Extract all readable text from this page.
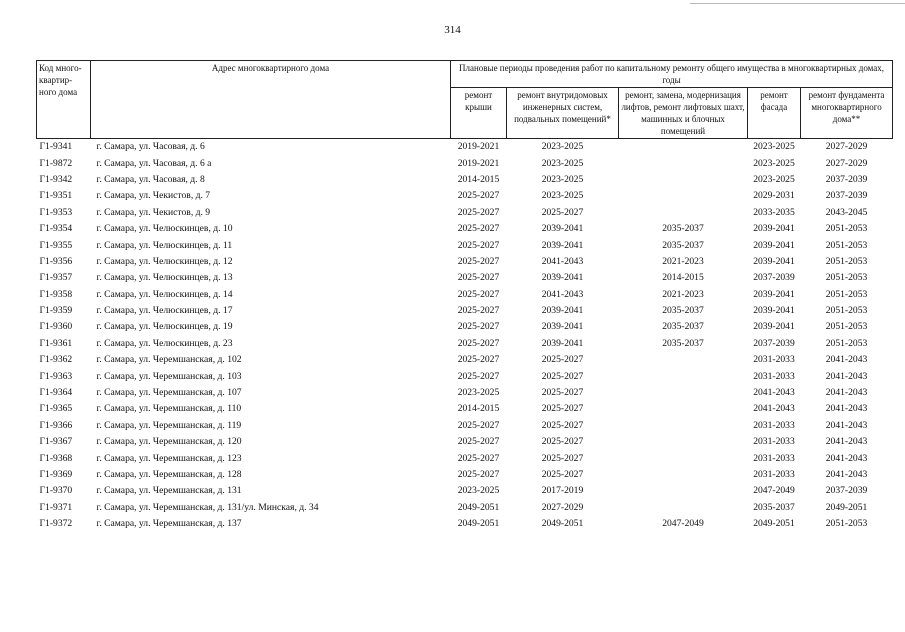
314
Код много-квартир-ного дома	Адрес многоквартирного дома	Плановые периоды проведения работ по капитальному ремонту общего имущества в многоквартирных домах, годы				
		ремонт крыши	ремонт внутридомовых инженерных систем, подвальных помещений*	ремонт, замена, модернизация лифтов, ремонт лифтовых шахт, машинных и блочных помещений	ремонт фасада	ремонт фундамента многоквартирного дома**
Г1-9341	г. Самара, ул. Часовая, д. 6	2019-2021	2023-2025		2023-2025	2027-2029
Г1-9872	г. Самара, ул. Часовая, д. 6 а	2019-2021	2023-2025		2023-2025	2027-2029
Г1-9342	г. Самара, ул. Часовая, д. 8	2014-2015	2023-2025		2023-2025	2037-2039
Г1-9351	г. Самара, ул. Чекистов, д. 7	2025-2027	2023-2025		2029-2031	2037-2039
Г1-9353	г. Самара, ул. Чекистов, д. 9	2025-2027	2025-2027		2033-2035	2043-2045
Г1-9354	г. Самара, ул. Челюскинцев, д. 10	2025-2027	2039-2041	2035-2037	2039-2041	2051-2053
Г1-9355	г. Самара, ул. Челюскинцев, д. 11	2025-2027	2039-2041	2035-2037	2039-2041	2051-2053
Г1-9356	г. Самара, ул. Челюскинцев, д. 12	2025-2027	2041-2043	2021-2023	2039-2041	2051-2053
Г1-9357	г. Самара, ул. Челюскинцев, д. 13	2025-2027	2039-2041	2014-2015	2037-2039	2051-2053
Г1-9358	г. Самара, ул. Челюскинцев, д. 14	2025-2027	2041-2043	2021-2023	2039-2041	2051-2053
Г1-9359	г. Самара, ул. Челюскинцев, д. 17	2025-2027	2039-2041	2035-2037	2039-2041	2051-2053
Г1-9360	г. Самара, ул. Челюскинцев, д. 19	2025-2027	2039-2041	2035-2037	2039-2041	2051-2053
Г1-9361	г. Самара, ул. Челюскинцев, д. 23	2025-2027	2039-2041	2035-2037	2037-2039	2051-2053
Г1-9362	г. Самара, ул. Черемшанская, д. 102	2025-2027	2025-2027		2031-2033	2041-2043
Г1-9363	г. Самара, ул. Черемшанская, д. 103	2025-2027	2025-2027		2031-2033	2041-2043
Г1-9364	г. Самара, ул. Черемшанская, д. 107	2023-2025	2025-2027		2041-2043	2041-2043
Г1-9365	г. Самара, ул. Черемшанская, д. 110	2014-2015	2025-2027		2041-2043	2041-2043
Г1-9366	г. Самара, ул. Черемшанская, д. 119	2025-2027	2025-2027		2031-2033	2041-2043
Г1-9367	г. Самара, ул. Черемшанская, д. 120	2025-2027	2025-2027		2031-2033	2041-2043
Г1-9368	г. Самара, ул. Черемшанская, д. 123	2025-2027	2025-2027		2031-2033	2041-2043
Г1-9369	г. Самара, ул. Черемшанская, д. 128	2025-2027	2025-2027		2031-2033	2041-2043
Г1-9370	г. Самара, ул. Черемшанская, д. 131	2023-2025	2017-2019		2047-2049	2037-2039
Г1-9371	г. Самара, ул. Черемшанская, д. 131/ул. Минская, д. 34	2049-2051	2027-2029		2035-2037	2049-2051
Г1-9372	г. Самара, ул. Черемшанская, д. 137	2049-2051	2049-2051	2047-2049	2049-2051	2051-2053
